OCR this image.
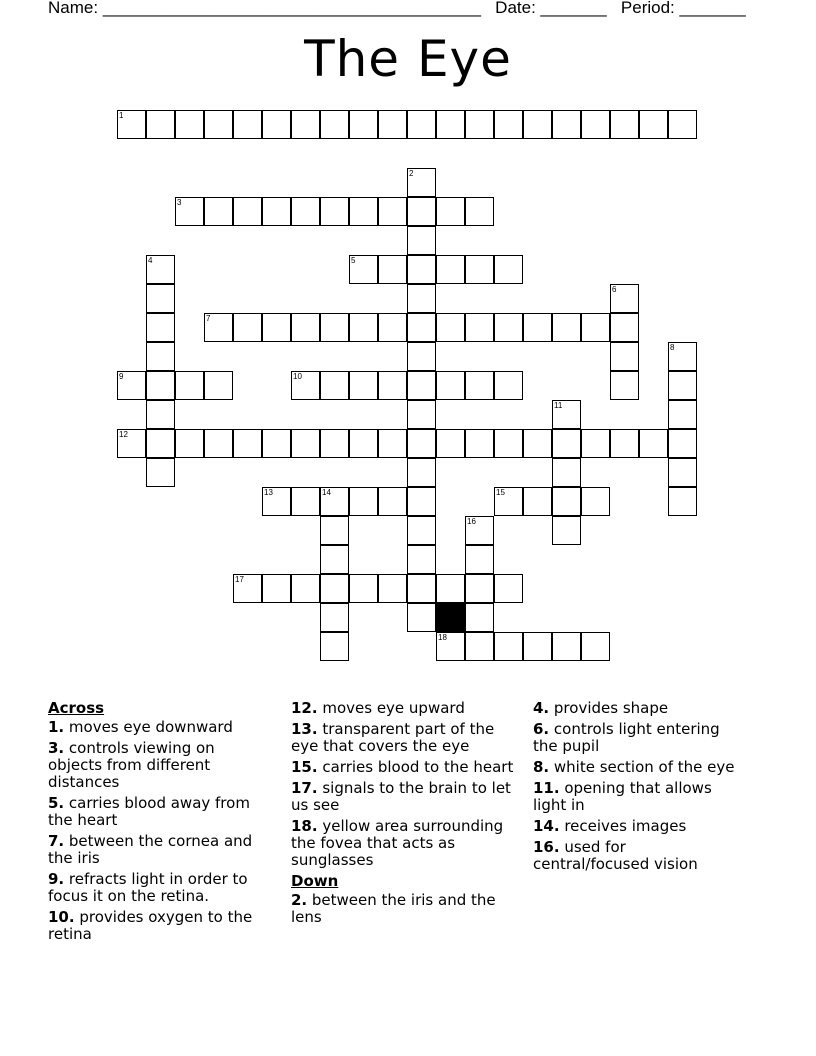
Name: ________________________________________ Date: _______ Period: _______
The Eye
1
2
3
4	5
6
7
8
9	10
11
12
13	14	15
16
17
18
Across
1. moves eye downward
3. controls viewing on objects from different distances
5. carries blood away from the heart
7. between the cornea and the iris
9. refracts light in order to focus it on the retina.
10. provides oxygen to the retina
12. moves eye upward
13. transparent part of the eye that covers the eye
15. carries blood to the heart
17. signals to the brain to let us see
18. yellow area surrounding the fovea that acts as sunglasses
Down
2. between the iris and the lens
4. provides shape
6. controls light entering the pupil
8. white section of the eye
11. opening that allows light in
14. receives images
16. used for central/focused vision
